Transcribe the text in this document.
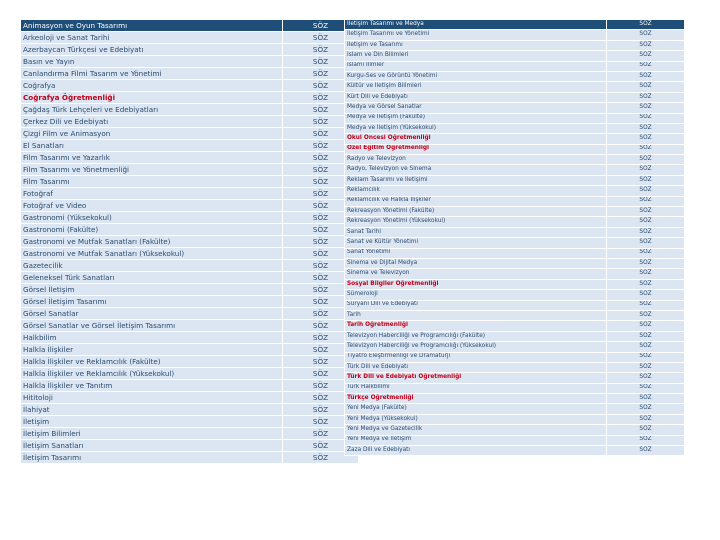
Animasyon ve Oyun Tasarımı	SÖZ
Arkeoloji ve Sanat Tarihi	SÖZ
Azerbaycan Türkçesi ve Edebiyatı	SÖZ
Basın ve Yayın	SÖZ
Canlandırma Filmi Tasarım ve Yönetimi	SÖZ
Coğrafya	SÖZ
Coğrafya Öğretmenliği	SÖZ
Çağdaş Türk Lehçeleri ve Edebiyatları	SÖZ
Çerkez Dili ve Edebiyatı	SÖZ
Çizgi Film ve Animasyon	SÖZ
El Sanatları	SÖZ
Film Tasarımı ve Yazarlık	SÖZ
Film Tasarımı ve Yönetmenliği	SÖZ
Film Tasarımı	SÖZ
Fotoğraf	SÖZ
Fotoğraf ve Video	SÖZ
Gastronomi (Yüksekokul)	SÖZ
Gastronomi (Fakülte)	SÖZ
Gastronomi ve Mutfak Sanatları (Fakülte)	SÖZ
Gastronomi ve Mutfak Sanatları (Yüksekokul)	SÖZ
Gazetecilik	SÖZ
Geleneksel Türk Sanatları	SÖZ
Görsel İletişim	SÖZ
Görsel İletişim Tasarımı	SÖZ
Görsel Sanatlar	SÖZ
Görsel Sanatlar ve Görsel İletişim Tasarımı	SÖZ
Halkbilim	SÖZ
Halkla İlişkiler	SÖZ
Halkla İlişkiler ve Reklamcılık (Fakülte)	SÖZ
Halkla İlişkiler ve Reklamcılık (Yüksekokul)	SÖZ
Halkla İlişkiler ve Tanıtım	SÖZ
Hititoloji	SÖZ
İlahiyat	SÖZ
İletişim	SÖZ
İletişim Bilimleri	SÖZ
İletişim Sanatları	SÖZ
İletişim Tasarımı	SÖZ
İletişim Tasarımı ve Medya	SÖZ
İletişim Tasarımı ve Yönetimi	SÖZ
İletişim ve Tasarımı	SÖZ
İslam ve Din Bilimleri	SÖZ
İslami İlimler	SÖZ
Kurgu-Ses ve Görüntü Yönetimi	SÖZ
Kültür ve İletişim Bilimleri	SÖZ
Kürt Dili ve Edebiyatı	SÖZ
Medya ve Görsel Sanatlar	SÖZ
Medya ve İletişim (Fakülte)	SÖZ
Medya ve İletişim (Yüksekokul)	SÖZ
Okul Öncesi Öğretmenliği	SÖZ
Özel Eğitim Öğretmenliği	SÖZ
Radyo ve Televizyon	SÖZ
Radyo, Televizyon ve Sinema	SÖZ
Reklam Tasarımı ve İletişimi	SÖZ
Reklamcılık	SÖZ
Reklamcılık ve Halkla İlişkiler	SÖZ
Rekreasyon Yönetimi (Fakülte)	SÖZ
Rekreasyon Yönetimi (Yüksekokul)	SÖZ
Sanat Tarihi	SÖZ
Sanat ve Kültür Yönetimi	SÖZ
Sanat Yönetimi	SÖZ
Sinema ve Dijital Medya	SÖZ
Sinema ve Televizyon	SÖZ
Sosyal Bilgiler Öğretmenliği	SÖZ
Sümeroloji	SÖZ
Süryani Dili ve Edebiyatı	SÖZ
Tarih	SÖZ
Tarih Öğretmenliği	SÖZ
Televizyon Haberciliği ve Programcılığı (Fakülte)	SÖZ
Televizyon Haberciliği ve Programcılığı (Yüksekokul)	SÖZ
Tiyatro Eleştirmenliği ve Dramaturji	SÖZ
Türk Dili ve Edebiyatı	SÖZ
Türk Dili ve Edebiyatı Öğretmenliği	SÖZ
Türk Halkbilimi	SÖZ
Türkçe Öğretmenliği	SÖZ
Yeni Medya (Fakülte)	SÖZ
Yeni Medya (Yüksekokul)	SÖZ
Yeni Medya ve Gazetecilik	SÖZ
Yeni Medya ve İletişim	SÖZ
Zaza Dili ve Edebiyatı	SÖZ
